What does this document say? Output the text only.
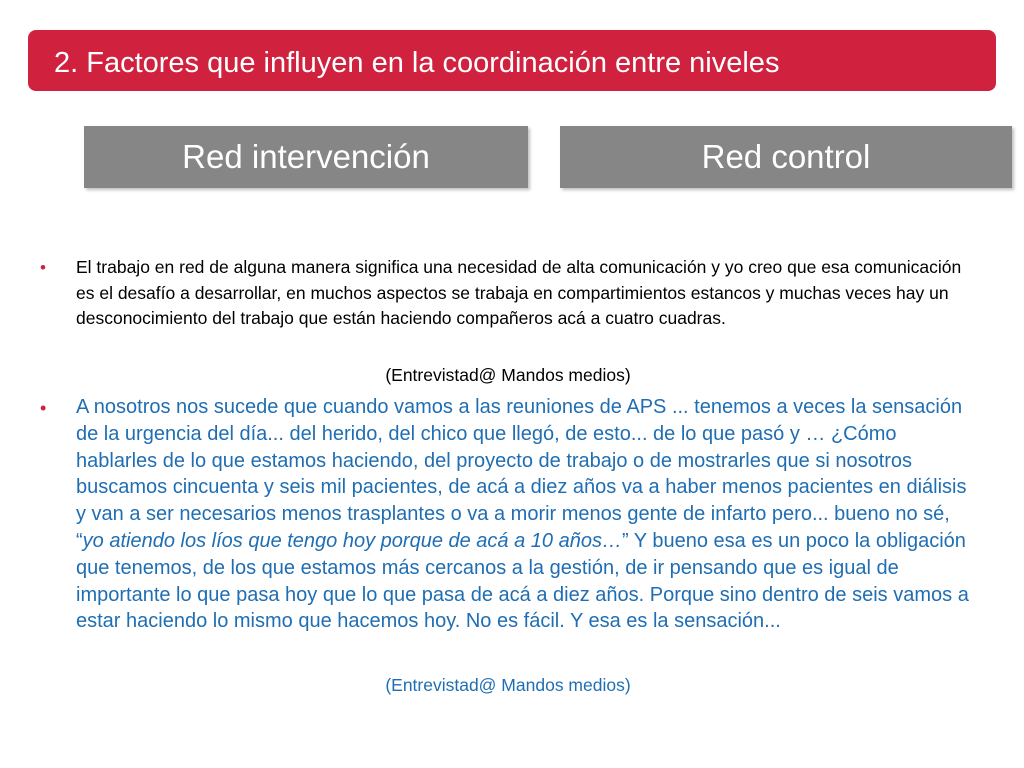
2. Factores que influyen en la coordinación entre niveles
Red intervención	Red control
• El trabajo en red de alguna manera significa una necesidad de alta comunicación y yo creo que esa comunicación es el desafío a desarrollar, en muchos aspectos se trabaja en compartimientos estancos y muchas veces hay un desconocimiento del trabajo que están haciendo compañeros acá a cuatro cuadras.
(Entrevistad@ Mandos medios)
• A nosotros nos sucede que cuando vamos a las reuniones de APS ... tenemos a veces la sensación de la urgencia del día... del herido, del chico que llegó, de esto... de lo que pasó y … ¿Cómo hablarles de lo que estamos haciendo, del proyecto de trabajo o de mostrarles que si nosotros buscamos cincuenta y seis mil pacientes, de acá a diez años va a haber menos pacientes en diálisis y van a ser necesarios menos trasplantes o va a morir menos gente de infarto pero... bueno no sé, “yo atiendo los líos que tengo hoy porque de acá a 10 años…” Y bueno esa es un poco la obligación que tenemos, de los que estamos más cercanos a la gestión, de ir pensando que es igual de importante lo que pasa hoy que lo que pasa de acá a diez años. Porque sino dentro de seis vamos a estar haciendo lo mismo que hacemos hoy. No es fácil. Y esa es la sensación...
(Entrevistad@ Mandos medios)
